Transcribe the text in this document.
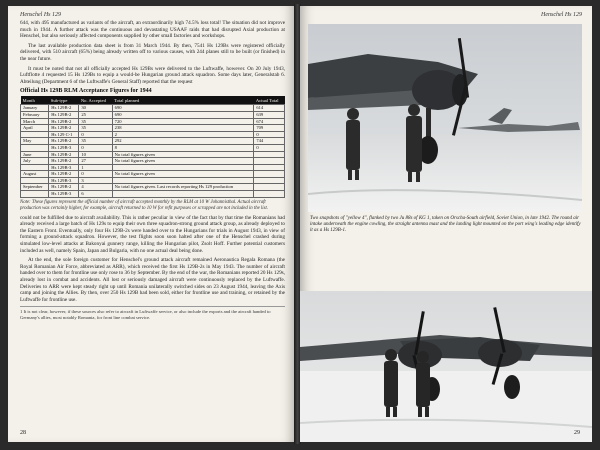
Henschel Hs 129

644, with 495 manufactured as variants of the aircraft, an extraordinarily high 74.5% loss total! The situation did not improve much in 1944. A further attack was the continuous and devastating USAAF raids that had disrupted Axial production at Henschel, but also seriously affected components supplied by other small factories and workshops.

The last available production data sheet is from 31 March 1944. By then, 7541 Hs 129Bs were registered officially delivered, with 510 aircraft (65%) being already written off to various causes, with 244 planes still to be built (or finished) in the near future.

It must be noted that not all officially accepted Hs 129Bs were delivered to the Luftwaffe, however. On 20 July 1943, Luftflotte 4 requested 15 Hs 129Bs to equip a would-be Hungarian ground attack squadron. Some days later, Generalstab 6. Abteilung (Department 6 of the Luftwaffe's General Staff) reported that the request

Official Hs 129B RLM Acceptance Figures for 1944
Month	Sub-type	No. Accepted	Total planned	Actual Total
January	Hs 129B-2	30	690	614
February	Hs 129B-2	25	690	639
March	Hs 129B-2	35	720	674
April	Hs 129B-2	35	238	709
	Hs 129 C-1	0	2	0
May	Hs 129B-2	35	292	744
	Hs 129B-3	0	8	0
June	Hs 129B-2	10	No total figures given	
July	Hs 129B-2	27	No total figures given	
	Hs 129B-3	1		
August	Hs 129B-2	0	No total figures given	
	Hs 129B-3	3		
September	Hs 129B-2	4	No total figures given. Last records reporting Hs 129 production	
	Hs 129B-3	6		

Note: These figures represent the official number of aircraft accepted monthly by the RLM at 10 W Johannisthal. Actual aircraft production was certainly higher, for example, aircraft returned to 10 W for refit purposes or scrapped are not included in the list.

could not be fulfilled due to aircraft availability. This is rather peculiar in view of the fact that by that time the Romanians had already received a large batch of Hs 129s to equip their own three squadron-strong ground attack group, as already deployed to the Eastern Front. Eventually, only four Hs 129B-2s were handed over to the Hungarians for trials in August 1943, in view of forming a ground-attack squadron. However, the test flights soon soon halted after one of the Henschel crashed during simulated low-level attacks at Bakonyai gunnery range, killing the Hungarian pilot, Zsolt Hoff. Further potential customers included as well, namely Spain, Japan and Bulgaria, with no one actual deal being done.

At the end, the sole foreign customer for Henschel's ground attack aircraft remained Aeronautica Regala Romana (the Royal Romanian Air Force, abbreviated as ARR), which received the first Hs 129B-2s in May 1943. The number of aircraft handed over to them for frontline use only rose to 36 by September. By the end of the war, the Romanians reported 20 Hs 129s, already lost in combat and accidents. All lost or seriously damaged aircraft were continuously replaced by the Luftwaffe. Deliveries to ARR were kept steady right up until Romania unilaterally switched sides on 23 August 1944, leaving the Axis camp and joining the Allies. By then, over 250 Hs 129B had been sold, either for frontline use and training, or retained by the Luftwaffe for frontline use.

1 It is not clear, however, if these sources also refer to aircraft in Luftwaffe service, or also include the exports and the aircraft handed to Germany's allies, most notably Romania, for front line combat service.
28
Henschel Hs 129
Two snapshots of "yellow 4", flanked by two Ju 88s of KG 1, taken on Orscha-South airfield, Soviet Union, in late 1942. The round air intake underneath the engine cowling, the straight antenna mast and the landing light mounted on the port wing's leading edge identify it as a Hs 129B-1.
29
